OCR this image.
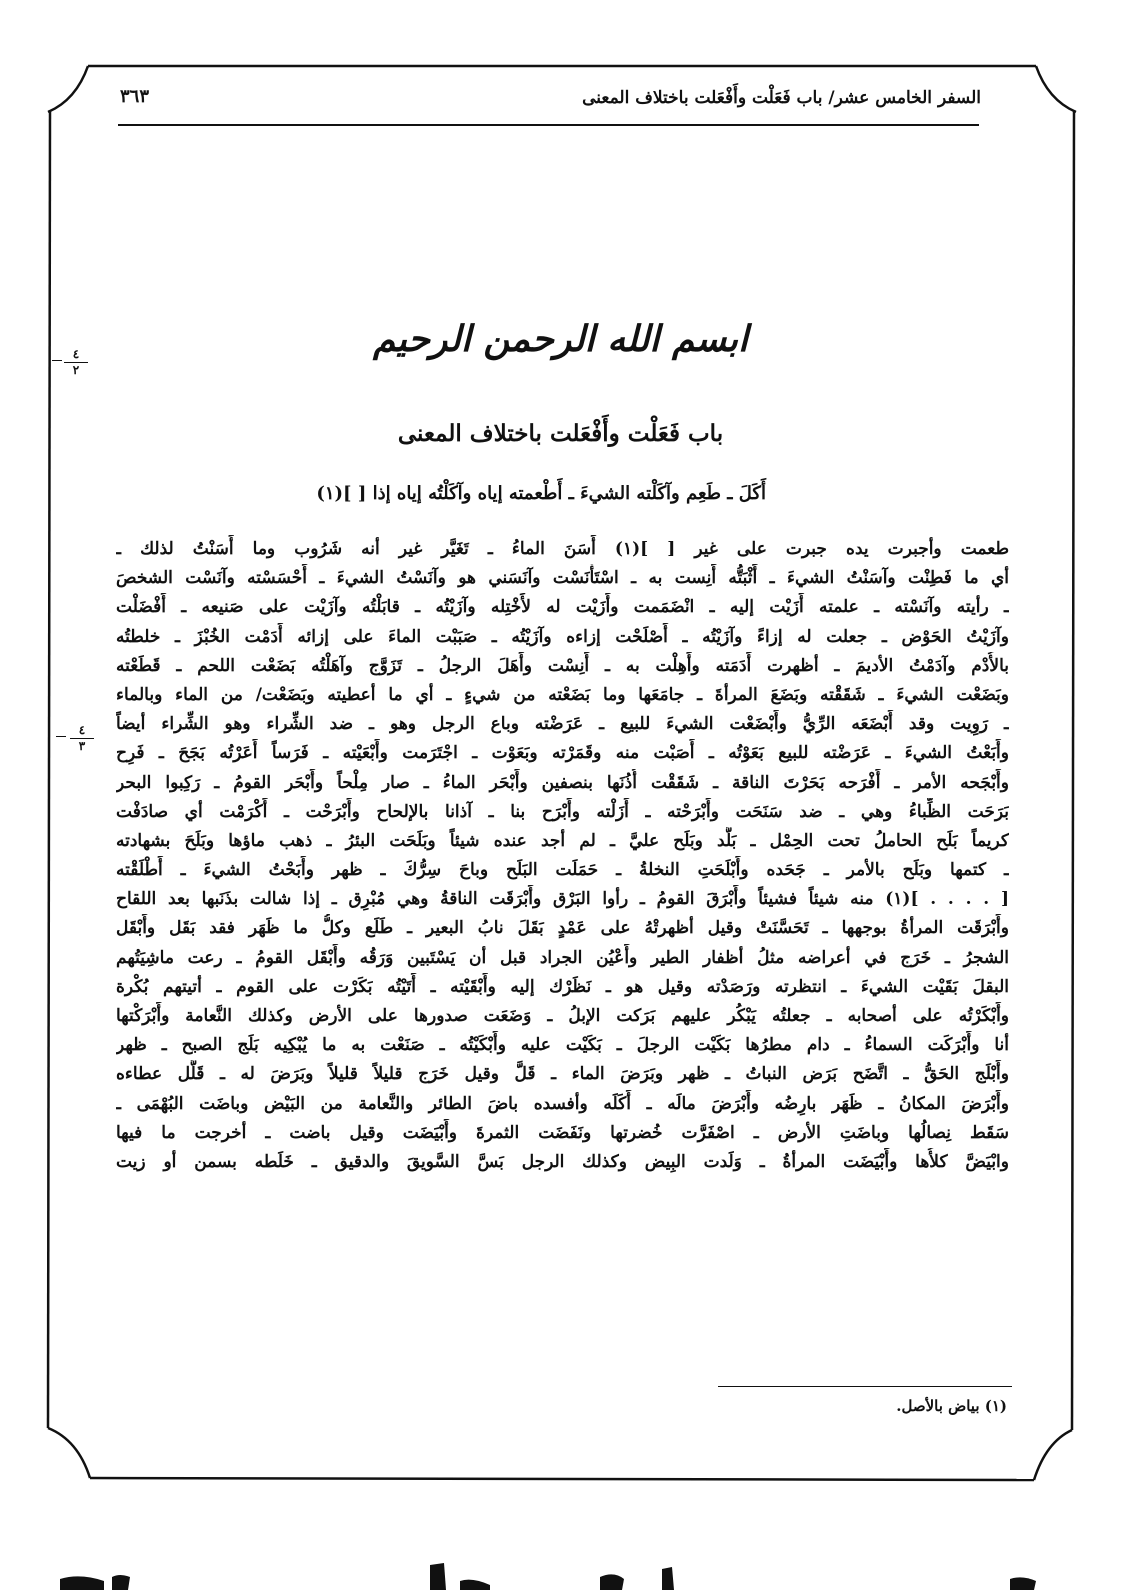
السفر الخامس عشر/ باب فَعَلْت وأَفْعَلت باختلاف المعنى
٣٦٣
٤
٢
٤
٣
ابسم الله الرحمن الرحيم
باب فَعَلْت وأَفْعَلت باختلاف المعنى
أَكَلَ ـ طَعِم وآكَلْته الشيءَ ـ أَطْعمته إياه وآكَلْتُه إياه إذا [ ](١)
طعمت وأجبرت يده جبرت على غير [ ](١) أَسَنَ الماءُ ـ تَغَيَّر غير أنه شَرُوب وما أَسَنْتُ لذلك ـ
أي ما فَطِنْت وآسَنْتُ الشيءَ ـ أَثْبَتُّه أَنِست به ـ اسْتَأْنَسْت وآنَسَني هو وآنَسْتُ الشيءَ ـ أَحْسَسْته وآنَسْت الشخصَ
ـ رأيته وآنَسْته ـ علمته أَزَيْت إليه ـ انْضَمَمت وأَزَيْت له لأَخْتِله وآزَيْتُه ـ قابَلْتُه وآزَيْت على صَنيعه ـ أَفْضَلْت
وآزَيْتُ الحَوْض ـ جعلت له إزاءً وآزَيْتُه ـ أَصْلَحْت إزاءه وآزَيْتُه ـ صَبَبْت الماءَ على إزائه أَدَمْت الخُبْزَ ـ خلطتُه
بالأُدْم وآدَمْتُ الأديمَ ـ أظهرت أَدَمَته وأَهِلْت به ـ أَنِسْت وأَهَلَ الرجلُ ـ تَزَوَّج وآهَلْتُه بَضَعْت اللحم ـ قَطَعْته
وبَضَعْت الشيءَ ـ شَقَقْته وبَضَعَ المرأةَ ـ جامَعَها وما بَضَعْته من شيءٍ ـ أي ما أعطيته وبَضَعْت/ من الماء وبالماء
ـ رَوِيت وقد أَبْضَعَه الرِّيُّ وأَبْضَعْت الشيءَ للبيع ـ عَرَضْته وباع الرجل وهو ـ ضد الشِّراء وهو الشِّراء أيضاً
وأَبَعْتُ الشيءَ ـ عَرَضْته للبيع بَعَوْتُه ـ أَصَبْت منه وقَمَرْته وبَعَوْت ـ اجْتَرَمت وأَبْعَيْته ـ فَرَساً أَعَرْتُه بَجَحَ ـ فَرِح
وأَبْجَحه الأمر ـ أَفْرَحه بَحَرْتَ الناقة ـ شَقَقْت أُذُنَها بنصفين وأَبْحَر الماءُ ـ صار مِلْحاً وأَبْحَر القومُ ـ رَكِبوا البحر
بَرَحَت الظِّباءُ وهي ـ ضد سَنَحَت وأَبْرَحْته ـ أَزَلْته وأَبْرَح بنا ـ آذانا بالإلحاح وأَبْرَحْت ـ أَكْرَمْت أي صادَفْت
كريماً بَلَح الحاملُ تحت الحِمْل ـ بَلَّد وبَلَح عليَّ ـ لم أجد عنده شيئاً وبَلَحَت البئرُ ـ ذهب ماؤها وبَلَحَ بشهادته
ـ كتمها وبَلَح بالأمر ـ جَحَده وأَبْلَحَتِ النخلةُ ـ حَمَلَت البَلَح وباحَ سِرُّكَ ـ ظهر وأَبَحْتُ الشيءَ ـ أَطْلَقْته
[ . . . . ](١) منه شيئاً فشيئاً وأَبْرَقَ القومُ ـ رأوا البَرْق وأَبْرَقَت الناقةُ وهي مُبْرِق ـ إذا شالت بذَنَبها بعد اللقاح
وأَبْرَقَت المرأةُ بوجهها ـ تَحَسَّنَتْ وقيل أظهرتْهُ على عَمْدٍ بَقَلَ نابُ البعير ـ طَلَع وكلُّ ما ظَهَر فقد بَقَل وأَبْقَل
الشجرُ ـ خَرَج في أعراضه مثلُ أظفار الطير وأَعْيُن الجراد قبل أن يَسْتَبين وَرَقُه وأَبْقَل القومُ ـ رعت ماشِيَتُهم
البقلَ بَقَيْت الشيءَ ـ انتظرته ورَصَدْته وقيل هو ـ نَظَرْك إليه وأَبْقَيْته ـ أَتَيْتُه بَكَرْت على القوم ـ أتيتهم بُكْرة
وأَبْكَرْتُه على أصحابه ـ جعلتُه يَبْكُر عليهم بَرَكت الإبلُ ـ وَضَعَت صدورها على الأرض وكذلك النَّعامة وأَبْرَكْتها
أنا وأَبْرَكَت السماءُ ـ دام مطرُها بَكَيْت الرجلَ ـ بَكَيْت عليه وأَبْكَيْتُه ـ صَنَعْت به ما يُبْكِيه بَلَج الصبح ـ ظهر
وأَبْلَج الحَقُّ ـ اتَّضَح بَرَض النباتُ ـ ظهر وبَرَضَ الماء ـ قَلَّ وقيل خَرَج قليلاً قليلاً وبَرَضَ له ـ قَلَّل عطاءه
وأَبْرَضَ المكانُ ـ ظَهَر بارِضُه وأَبْرَضَ مالَه ـ أَكَلَه وأفسده باضَ الطائر والنَّعامة من البَيْض وباضَت البُهْمَى ـ
سَقَط نِصالُها وباضَتِ الأرض ـ اصْفَرَّت خُضرتها ونَفَضَت الثمرةَ وأَبْيَضَت وقيل باضت ـ أخرجت ما فيها
وابْيَضَّ كلأُها وأَبْيَضَت المرأةُ ـ وَلَدت البِيض وكذلك الرجل بَسَّ السَّويقَ والدقيق ـ خَلَطه بسمن أو زيت
(١) بياض بالأصل.
